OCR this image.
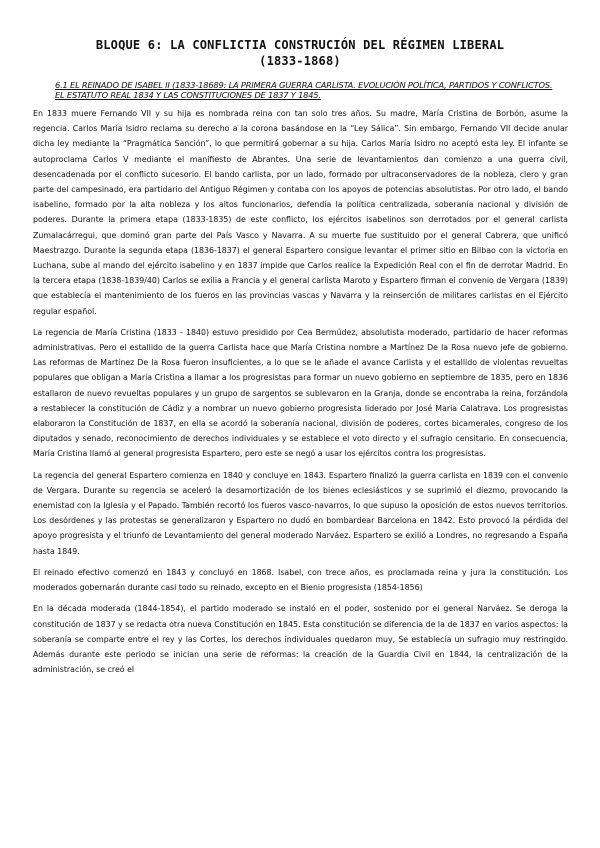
BLOQUE 6: LA CONFLICTIA CONSTRUCIÓN DEL RÉGIMEN LIBERAL
(1833-1868)
6.1 EL REINADO DE ISABEL II (1833-18689: LA PRIMERA GUERRA CARLISTA. EVOLUCIÓN POLÍTICA, PARTIDOS Y CONFLICTOS. EL ESTATUTO REAL 1834 Y LAS CONSTITUCIONES DE 1837 Y 1845.

En 1833 muere Fernando VII y su hija es nombrada reina con tan solo tres años. Su madre, María Cristina de Borbón, asume la regencia. Carlos María Isidro reclama su derecho a la corona basándose en la “Ley Sálica”. Sin embargo, Fernando VII decide anular dicha ley mediante la “Pragmática Sanción”, lo que permitirá gobernar a su hija. Carlos María Isidro no aceptó esta ley. El infante se autoproclama Carlos V mediante el manifiesto de Abrantes. Una serie de levantamientos dan comienzo a una guerra civil, desencadenada por el conflicto sucesorio. El bando carlista, por un lado, formado por ultraconservadores de la nobleza, clero y gran parte del campesinado, era partidario del Antiguo Régimen y contaba con los apoyos de potencias absolutistas. Por otro lado, el bando isabelino, formado por la alta nobleza y los altos funcionarios, defendía la política centralizada, soberanía nacional y división de poderes. Durante la primera etapa (1833-1835) de este conflicto, los ejércitos isabelinos son derrotados por el general carlista Zumalacárregui, que dominó gran parte del País Vasco y Navarra. A su muerte fue sustituido por el general Cabrera, que unificó Maestrazgo. Durante la segunda etapa (1836-1837) el general Espartero consigue levantar el primer sitio en Bilbao con la victoria en Luchana, sube al mando del ejército isabelino y en 1837 impide que Carlos realice la Expedición Real con el fin de derrotar Madrid. En la tercera etapa (1838-1839/40) Carlos se exilia a Francia y el general carlista Maroto y Espartero firman el convenio de Vergara (1839) que establecía el mantenimiento de los fueros en las provincias vascas y Navarra y la reinserción de militares carlistas en el Ejército regular español.

La regencia de María Cristina (1833 - 1840) estuvo presidido por Cea Bermúdez, absolutista moderado, partidario de hacer reformas administrativas. Pero el estallido de la guerra Carlista hace que María Cristina nombre a Martínez De la Rosa nuevo jefe de gobierno. Las reformas de Martínez De la Rosa fueron insuficientes, a lo que se le añade el avance Carlista y el estallido de violentas revueltas populares que obligan a María Cristina a llamar a los progresistas para formar un nuevo gobierno en septiembre de 1835, pero en 1836 estallaron de nuevo revueltas populares y un grupo de sargentos se sublevaron en la Granja, donde se encontraba la reina, forzándola a restablecer la constitución de Cádiz y a nombrar un nuevo gobierno progresista liderado por José María Calatrava. Los progresistas elaboraron la Constitución de 1837, en ella se acordó la soberanía nacional, división de poderes, cortes bicamerales, congreso de los diputados y senado, reconocimiento de derechos individuales y se establece el voto directo y el sufragio censitario. En consecuencia, María Cristina llamó al general progresista Espartero, pero este se negó a usar los ejércitos contra los progresistas.

La regencia del general Espartero comienza en 1840 y concluye en 1843. Espartero finalizó la guerra carlista en 1839 con el convenio de Vergara. Durante su regencia se aceleró la desamortización de los bienes eclesiásticos y se suprimió el diezmo, provocando la enemistad con la Iglesia y el Papado. También recortó los fueros vasco-navarros, lo que supuso la oposición de estos nuevos territorios. Los desórdenes y las protestas se generalizaron y Espartero no dudó en bombardear Barcelona en 1842. Esto provocó la pérdida del apoyo progresista y el triunfo de Levantamiento del general moderado Narváez. Espartero se exilió a Londres, no regresando a España hasta 1849.

El reinado efectivo comenzó en 1843 y concluyó en 1868. Isabel, con trece años, es proclamada reina y jura la constitución. Los moderados gobernarán durante casi todo su reinado, excepto en el Bienio progresista (1854-1856)

En la década moderada (1844-1854), el partido moderado se instaló en el poder, sostenido por el general Narváez. Se deroga la constitución de 1837 y se redacta otra nueva Constitución en 1845. Esta constitución se diferencia de la de 1837 en varios aspectos: la soberanía se comparte entre el rey y las Cortes, los derechos individuales quedaron muy, Se establecía un sufragio muy restringido. Además durante este periodo se inician una serie de reformas: la creación de la Guardia Civil en 1844, la centralización de la administración, se creó el
